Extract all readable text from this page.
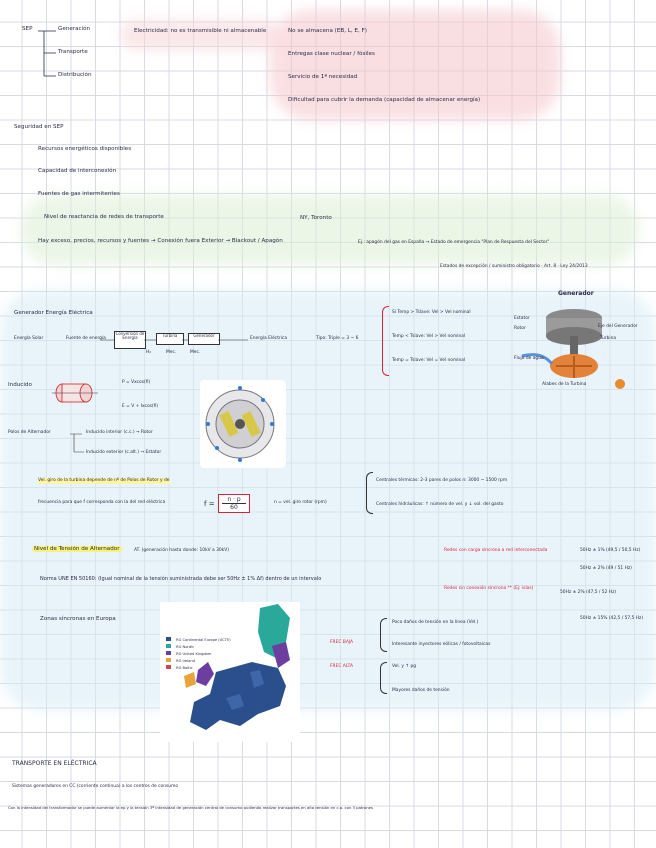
SEP	Generación
Transporte
Distribución
Electricidad: no es transmisible ni almacenable	No se almacena (EB, L, E, F)
Entregas clase nuclear / fósiles
Servicio de 1ª necesidad
Dificultad para cubrir la demanda (capacidad de almacenar energía)
Seguridad en SEP
Recursos energéticos disponibles
Capacidad de interconexión
Fuentes de gas intermitentes
Nivel de reactancia de redes de transporte
Hay exceso, precios, recursos y fuentes → Conexión fuera Exterior → Blackout / Apagón
NY, Toronto
Ej.: apagón del gas en España → Estado de emergencia "Plan de Respuesta del Sector"
Estados de excepción / suministro obligatorio · Art. 8 · Ley 24/2013
Generador Energía Eléctrica
Energía Solar	Fuente de energía
Conversión de Energía	Turbina	Generador
Energía Eléctrica
H₂	Mec.	Mec.
Tipo: Triple = 3 ~ 6
Si Temp > Tslave: Vel > Vel nominal
Temp < Tslave: Vel > Vel nominal
Temp = Tslave: Vel = Vel nominal
Generador
Estator
Rotor	Eje del Generador
Turbina
Alabes de la Turbina
Flujo de agua
Inducido	P = Vxcos(fi)
E = V + Ixcos(fi)
Polos de Alternador	Inducido interior (c.c.) → Rotor
Inducido exterior (c.alt.) → Estator
Vel. giro de la turbina depende de nº de Polos de Rotor y de
frecuencia para que f corresponda con la del red eléctrica	$f = \frac{n \cdot p}{60}$	n = vel. giro rotor (rpm)
Centrales térmicas: 2-3 pares de polos n: 3000 ~ 1500 rpm
Centrales hidráulicas: ↑ número de vel. y ↓ vol. del gasto
Nivel de Tensión de Alternador	AT. (generación hasta donde: 10kV a 30kV)
Norma UNE EN 50160: (Igual nominal de la tensión suministrada debe ser 50Hz ± 1% Δf) dentro de un intervalo
Redes con carga síncrona a red interconectada
Redes sin conexión síncrona ** (Ej: islas)
50Hz ± 1% (49,5 / 50,5 Hz)
50Hz ± 2% (49 / 51 Hz)
50Hz ± 2% (47,5 / 52 Hz)
50Hz ± 15% (42,5 / 57,5 Hz)
Zonas síncronas en Europa
RG Continental Europe (UCTE)
RG Nordic
RG United Kingdom
RG Ireland
RG Baltic
FREC BAJA
FREC ALTA
Poco daños de tensión en la línea (Vel.)
Interesante inyectores eólicas / fotovoltaicas
Vel. y ↑ pg
Mayores daños de tensión
TRANSPORTE EN ELÉCTRICA
Sistemas generadores en CC (corriente continua) a los centros de consumo
Con la intensidad del transformador se puede aumentar la ep y la tensión 3ª intensidad de generación central de consumo pudiendo realizar transportes en alta tensión en c.a. con 3 patrones
